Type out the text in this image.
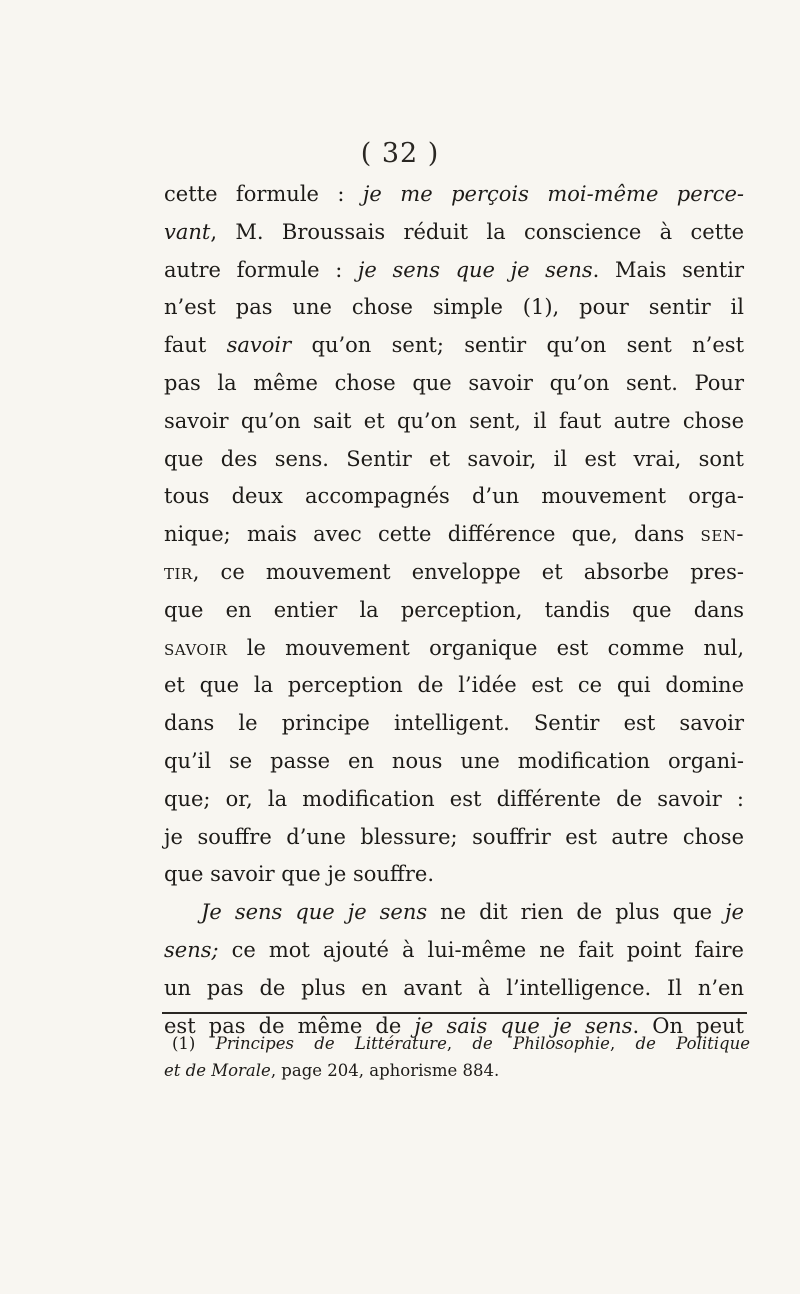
( 32 )
cette formule : je me perçois moi-même perce-
vant, M. Broussais réduit la conscience à cette
autre formule : je sens que je sens. Mais sentir
n’est pas une chose simple (1), pour sentir il
faut savoir qu’on sent; sentir qu’on sent n’est
pas la même chose que savoir qu’on sent. Pour
savoir qu’on sait et qu’on sent, il faut autre chose
que des sens. Sentir et savoir, il est vrai, sont
tous deux accompagnés d’un mouvement orga-
nique; mais avec cette différence que, dans sen-
tir, ce mouvement enveloppe et absorbe pres-
que en entier la perception, tandis que dans
savoir le mouvement organique est comme nul,
et que la perception de l’idée est ce qui domine
dans le principe intelligent. Sentir est savoir
qu’il se passe en nous une modification organi-
que; or, la modification est différente de savoir :
je souffre d’une blessure; souffrir est autre chose
que savoir que je souffre.
Je sens que je sens ne dit rien de plus que je
sens; ce mot ajouté à lui-même ne fait point faire
un pas de plus en avant à l’intelligence. Il n’en
est pas de même de je sais que je sens. On peut
(1) Principes de Littérature, de Philosophie, de Politique
et de Morale, page 204, aphorisme 884.
